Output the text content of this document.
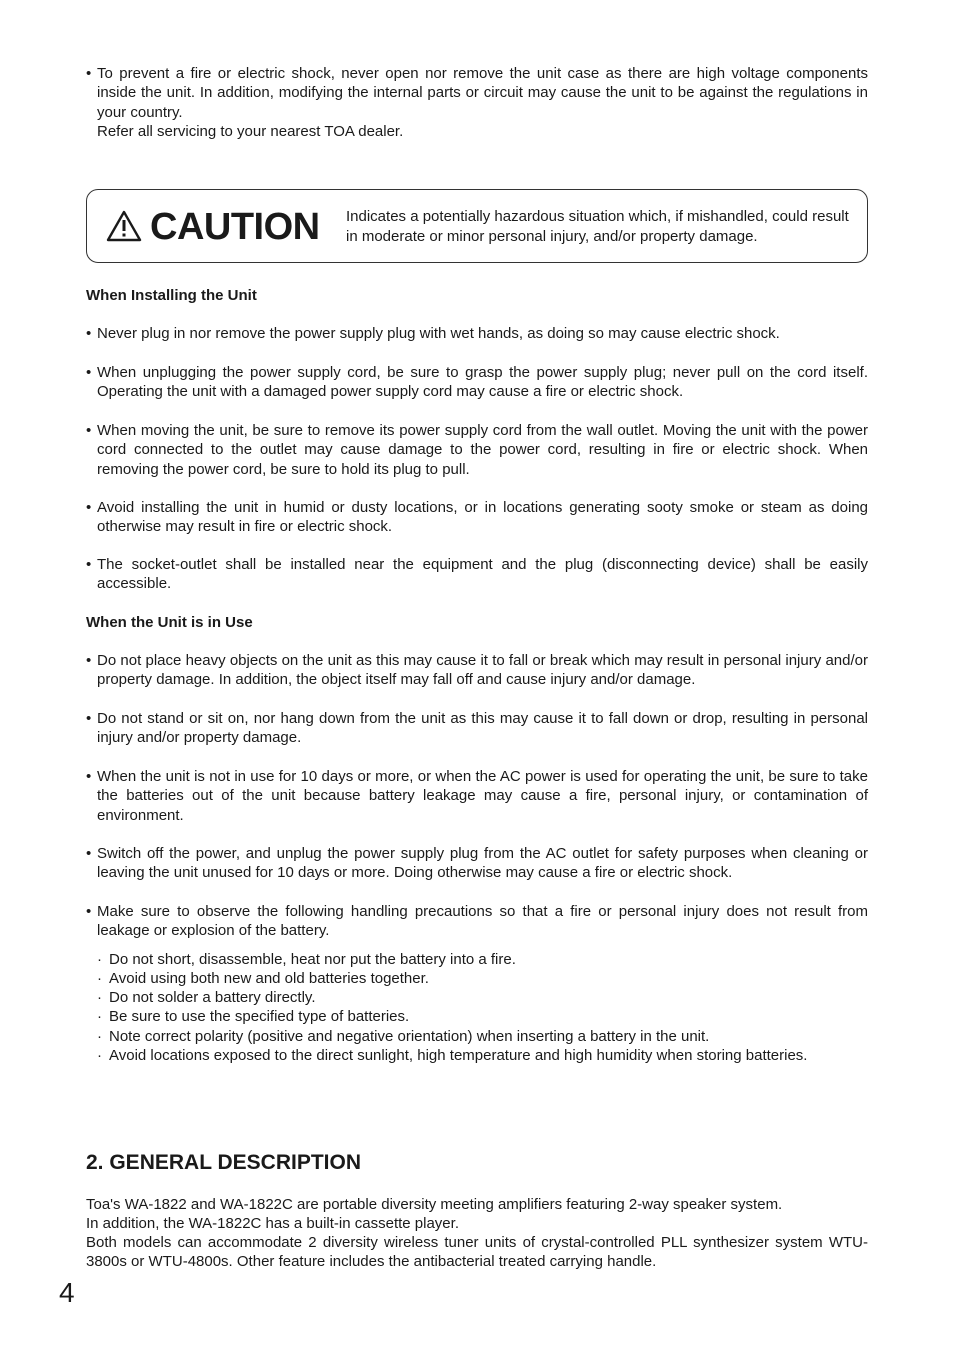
• To prevent a fire or electric shock, never open nor remove the unit case as there are high voltage components inside the unit. In addition, modifying the internal parts or circuit may cause the unit to be against the regulations in your country.
Refer all servicing to your nearest TOA dealer.
CAUTION Indicates a potentially hazardous situation which, if mishandled, could result in moderate or minor personal injury, and/or property damage.
When Installing the Unit
• Never plug in nor remove the power supply plug with wet hands, as doing so may cause electric shock.
• When unplugging the power supply cord, be sure to grasp the power supply plug; never pull on the cord itself. Operating the unit with a damaged power supply cord may cause a fire or electric shock.
• When moving the unit, be sure to remove its power supply cord from the wall outlet. Moving the unit with the power cord connected to the outlet may cause damage to the power cord, resulting in fire or electric shock. When removing the power cord, be sure to hold its plug to pull.
• Avoid installing the unit in humid or dusty locations, or in locations generating sooty smoke or steam as doing otherwise may result in fire or electric shock.
• The socket-outlet shall be installed near the equipment and the plug (disconnecting device) shall be easily accessible.
When the Unit is in Use
• Do not place heavy objects on the unit as this may cause it to fall or break which may result in personal injury and/or property damage. In addition, the object itself may fall off and cause injury and/or damage.
• Do not stand or sit on, nor hang down from the unit as this may cause it to fall down or drop, resulting in personal injury and/or property damage.
• When the unit is not in use for 10 days or more, or when the AC power is used for operating the unit, be sure to take the batteries out of the unit because battery leakage may cause a fire, personal injury, or contamination of environment.
• Switch off the power, and unplug the power supply plug from the AC outlet for safety purposes when cleaning or leaving the unit unused for 10 days or more. Doing otherwise may cause a fire or electric shock.
• Make sure to observe the following handling precautions so that a fire or personal injury does not result from leakage or explosion of the battery.
· Do not short, disassemble, heat nor put the battery into a fire.
· Avoid using both new and old batteries together.
· Do not solder a battery directly.
· Be sure to use the specified type of batteries.
· Note correct polarity (positive and negative orientation) when inserting a battery in the unit.
· Avoid locations exposed to the direct sunlight, high temperature and high humidity when storing batteries.
2. GENERAL DESCRIPTION
Toa's WA-1822 and WA-1822C are portable diversity meeting amplifiers featuring 2-way speaker system.
In addition, the WA-1822C has a built-in cassette player.
Both models can accommodate 2 diversity wireless tuner units of crystal-controlled PLL synthesizer system WTU-3800s or WTU-4800s. Other feature includes the antibacterial treated carrying handle.
4
